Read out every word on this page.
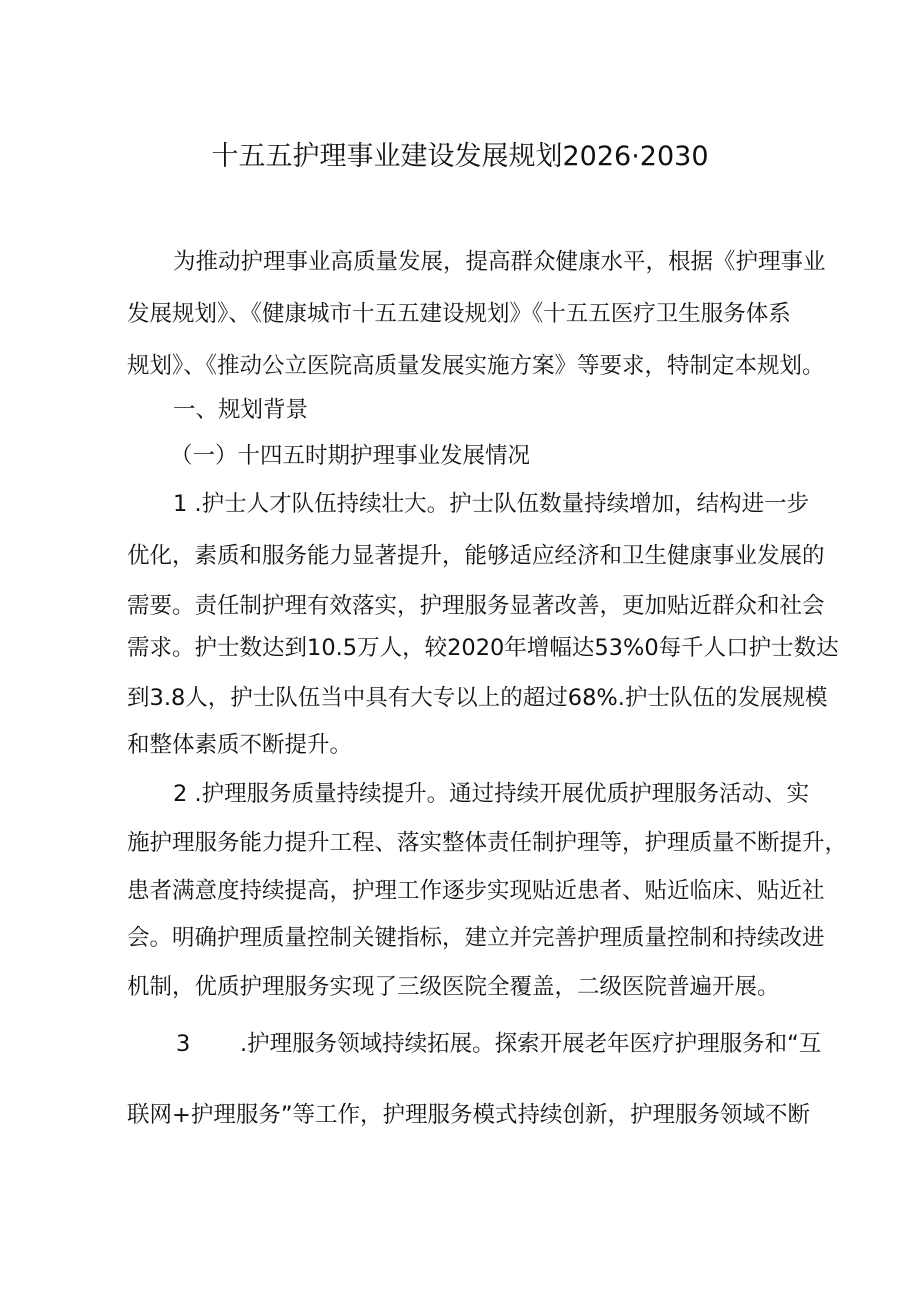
十五五护理事业建设发展规划2026·2030
为推动护理事业高质量发展，提高群众健康水平，根据《护理事业
发展规划》、《健康城市十五五建设规划》《十五五医疗卫生服务体系
规划》、《推动公立医院高质量发展实施方案》等要求，特制定本规划。
一、规划背景
（一）十四五时期护理事业发展情况
1 .护士人才队伍持续壮大。护士队伍数量持续增加，结构进一步
优化，素质和服务能力显著提升，能够适应经济和卫生健康事业发展的
需要。责任制护理有效落实，护理服务显著改善，更加贴近群众和社会
需求。护士数达到10.5万人，较2020年增幅达53%0每千人口护士数达
到3.8人，护士队伍当中具有大专以上的超过68%.护士队伍的发展规模
和整体素质不断提升。
2 .护理服务质量持续提升。通过持续开展优质护理服务活动、实
施护理服务能力提升工程、落实整体责任制护理等，护理质量不断提升，
患者满意度持续提高，护理工作逐步实现贴近患者、贴近临床、贴近社
会。明确护理质量控制关键指标，建立并完善护理质量控制和持续改进
机制，优质护理服务实现了三级医院全覆盖，二级医院普遍开展。
3 .护理服务领域持续拓展。探索开展老年医疗护理服务和“互
联网+护理服务”等工作，护理服务模式持续创新，护理服务领域不断
